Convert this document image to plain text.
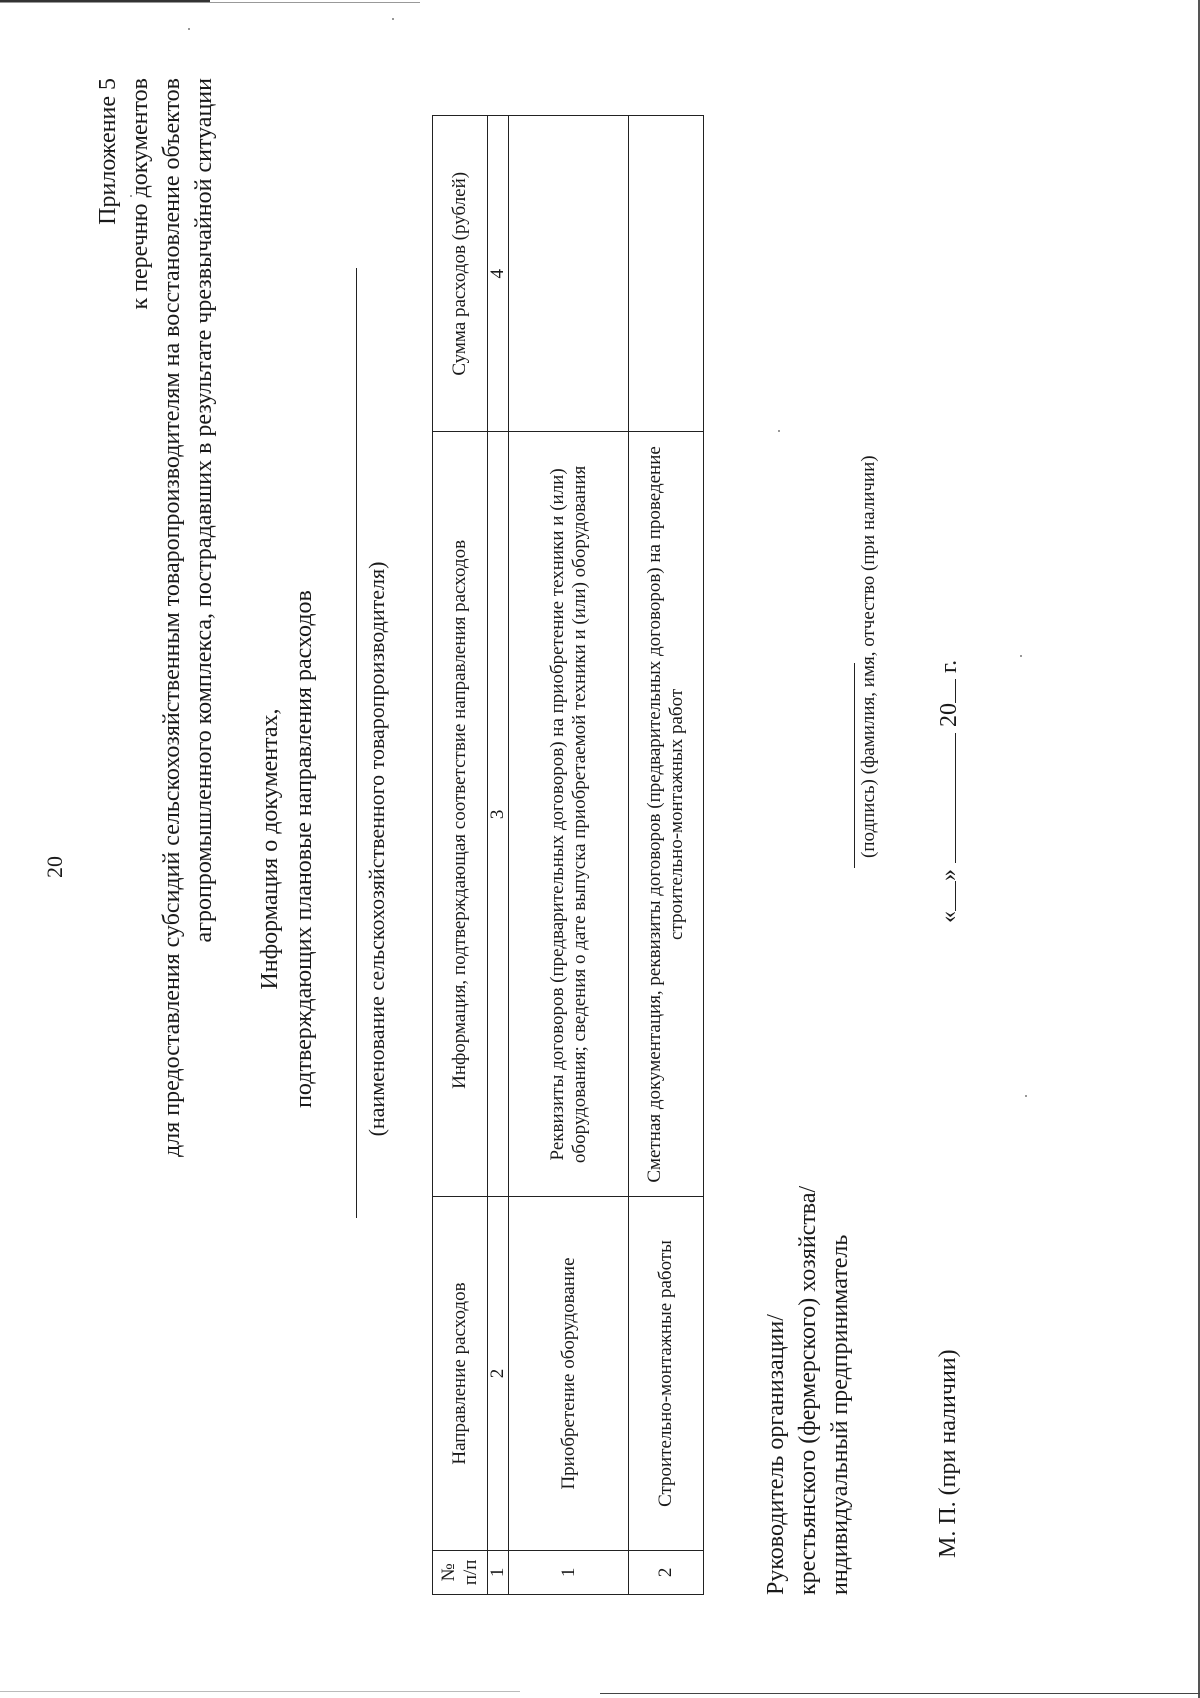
20
Приложение 5 к перечню документов для предоставления субсидий сельскохозяйственным товаропроизводителям на восстановление объектов агропромышленного комплекса, пострадавших в результате чрезвычайной ситуации Информация о документах, подтверждающих плановые направления расходов (наименование сельскохозяйственного товаропроизводителя)
№ п/п	Направление расходов	Информация, подтверждающая соответствие направления расходов	Сумма расходов (рублей)
1	2	3	4
1	Приобретение оборудование	Реквизиты договоров (предварительных договоров) на приобретение техники и (или) оборудования; сведения о дате выпуска приобретаемой техники и (или) оборудования	
2	Строительно-монтажные работы	Сметная документация, реквизиты договоров (предварительных договоров) на проведение строительно-монтажных работ	
Руководитель организации/ крестьянского (фермерского) хозяйства/ индивидуальный предприниматель
(подпись) (фамилия, имя, отчество (при наличии)
М. П. (при наличии)
«
»

20

г.
